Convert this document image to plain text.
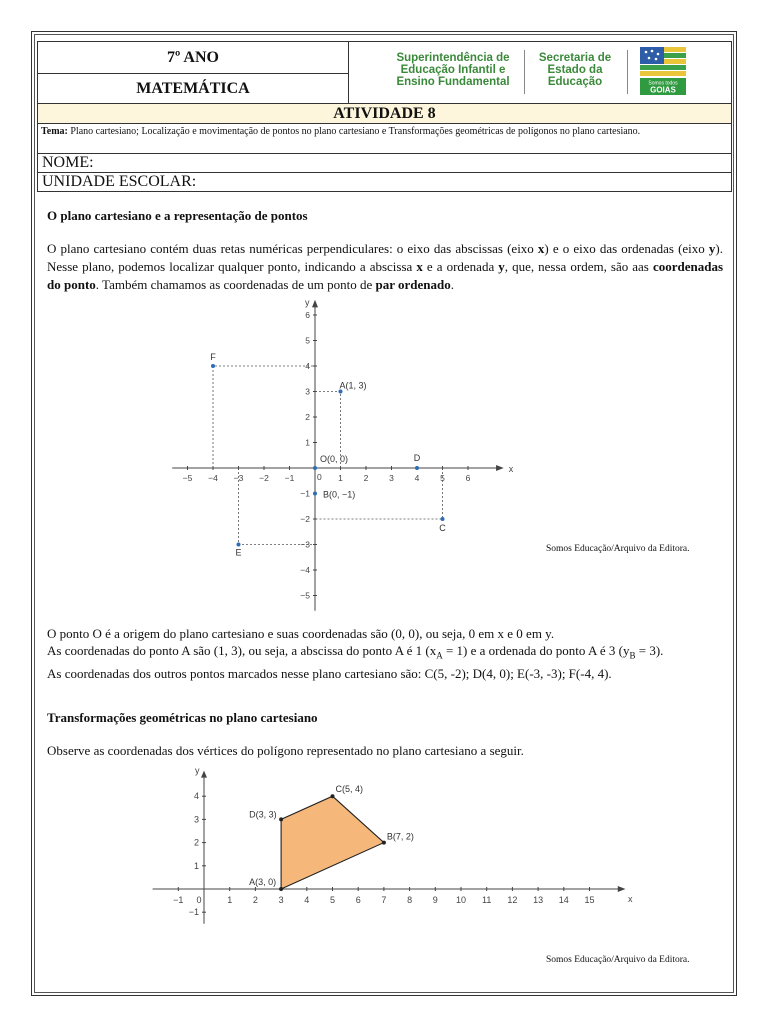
7º ANO	
MATEMÁTICA
ATIVIDADE 8
Tema: Plano cartesiano; Localização e movimentação de pontos no plano cartesiano e Transformações geométricas de polígonos no plano cartesiano.
NOME:
UNIDADE ESCOLAR:
Superintendência de
Educação Infantil e
Ensino Fundamental
Secretaria de
Estado da
Educação	Somos todos
GOIAS
O plano cartesiano e a representação de pontos
O plano cartesiano contém duas retas numéricas perpendiculares: o eixo das abscissas (eixo x) e o eixo das ordenadas (eixo y). Nesse plano, podemos localizar qualquer ponto, indicando a abscissa x e a ordenada y, que, nessa ordem, são aas coordenadas do ponto. Também chamamos as coordenadas de um ponto de par ordenado.
x
y
0
−5 −4 −3 −2 −1	1 2 3 4 5 6
6
5
4
3
2
1
−1
−2
−3
−4
−5
O(0, 0)
A(1, 3)
B(0, −1)
C
D
E
F
Somos Educação/Arquivo da Editora.
O ponto O é a origem do plano cartesiano e suas coordenadas são (0, 0), ou seja, 0 em x e 0 em y.
As coordenadas do ponto A são (1, 3), ou seja, a abscissa do ponto A é 1 $(x_A = 1)$ e a ordenada do ponto A é 3 $(y_B = 3)$.
As coordenadas dos outros pontos marcados nesse plano cartesiano são: C(5, -2); D(4, 0); E(-3, -3); F(-4, 4).
Transformações geométricas no plano cartesiano
Observe as coordenadas dos vértices do polígono representado no plano cartesiano a seguir.
x
y
−1 0	1 2 3 4 5 6 7 8 9 10 11 12 13 14 15
4
3
2
1
−1
A(3, 0)
B(7, 2)
C(5, 4)
D(3, 3)
Somos Educação/Arquivo da Editora.
